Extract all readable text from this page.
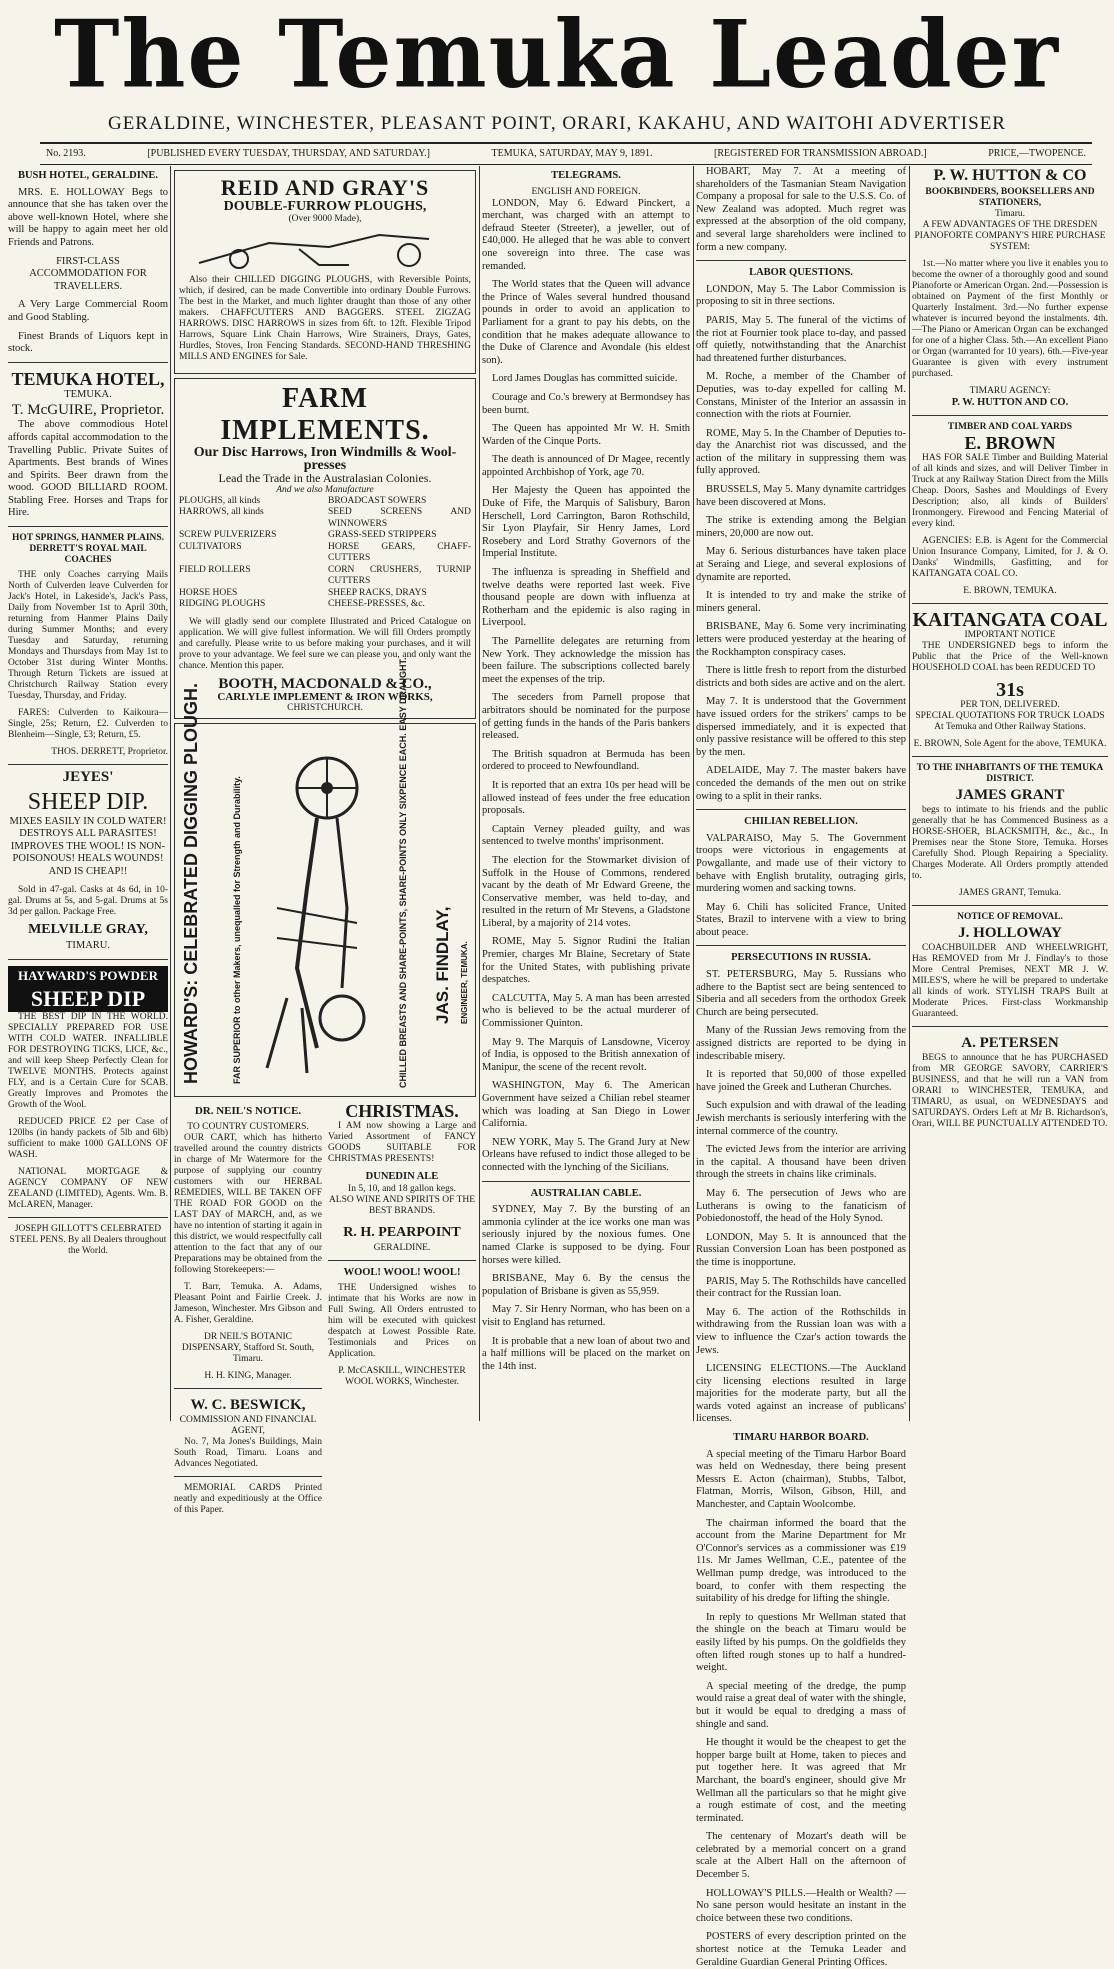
The Temuka Leader
GERALDINE, WINCHESTER, PLEASANT POINT, ORARI, KAKAHU, AND WAITOHI ADVERTISER
No. 2193.	[PUBLISHED EVERY TUESDAY, THURSDAY, AND SATURDAY.]	TEMUKA, SATURDAY, MAY 9, 1891.	[REGISTERED FOR TRANSMISSION ABROAD.]	PRICE,—TWOPENCE.
BUSH HOTEL, GERALDINE.

MRS. E. HOLLOWAY Begs to announce that she has taken over the above well-known Hotel, where she will be happy to again meet her old Friends and Patrons.

FIRST-CLASS ACCOMMODATION FOR TRAVELLERS.

A Very Large Commercial Room and Good Stabling.

Finest Brands of Liquors kept in stock.

TEMUKA HOTEL,
TEMUKA.
T. McGUIRE, Proprietor.

The above commodious Hotel affords capital accommodation to the Travelling Public. Private Suites of Apartments. Best brands of Wines and Spirits. Beer drawn from the wood. GOOD BILLIARD ROOM. Stabling Free. Horses and Traps for Hire.

HOT SPRINGS, HANMER PLAINS. DERRETT'S ROYAL MAIL COACHES

THE only Coaches carrying Mails North of Culverden leave Culverden for Jack's Hotel, in Lakeside's, Jack's Pass, Daily from November 1st to April 30th, returning from Hanmer Plains Daily during Summer Months; and every Tuesday and Saturday, returning Mondays and Thursdays from May 1st to October 31st during Winter Months. Through Return Tickets are issued at Christchurch Railway Station every Tuesday, Thursday, and Friday.

FARES: Culverden to Kaikoura—Single, 25s; Return, £2. Culverden to Blenheim—Single, £3; Return, £5.

THOS. DERRETT, Proprietor.

JEYES'
SHEEP DIP.

MIXES EASILY IN COLD WATER! DESTROYS ALL PARASITES! IMPROVES THE WOOL! IS NON-POISONOUS! HEALS WOUNDS! AND IS CHEAP!!

Sold in 47-gal. Casks at 4s 6d, in 10-gal. Drums at 5s, and 5-gal. Drums at 5s 3d per gallon. Package Free.

MELVILLE GRAY,
TIMARU.
HAYWARD'S POWDER
SHEEP DIP

THE BEST DIP IN THE WORLD. SPECIALLY PREPARED FOR USE WITH COLD WATER. INFALLIBLE FOR DESTROYING TICKS, LICE, &c., and will keep Sheep Perfectly Clean for TWELVE MONTHS. Protects against FLY, and is a Certain Cure for SCAB. Greatly Improves and Promotes the Growth of the Wool.

REDUCED PRICE £2 per Case of 120lbs (in handy packets of 5lb and 6lb) sufficient to make 1000 GALLONS OF WASH.

NATIONAL MORTGAGE & AGENCY COMPANY OF NEW ZEALAND (LIMITED), Agents. Wm. B. McLAREN, Manager.

JOSEPH GILLOTT'S CELEBRATED STEEL PENS. By all Dealers throughout the World.

REID AND GRAY'S
DOUBLE-FURROW PLOUGHS,
(Over 9000 Made),

Also their CHILLED DIGGING PLOUGHS, with Reversible Points, which, if desired, can be made Convertible into ordinary Double Furrows. The best in the Market, and much lighter draught than those of any other makers. CHAFFCUTTERS AND BAGGERS. STEEL ZIGZAG HARROWS. DISC HARROWS in sizes from 6ft. to 12ft. Flexible Tripod Harrows, Square Link Chain Harrows, Wire Strainers, Drays, Gates, Hurdles, Stoves, Iron Fencing Standards. SECOND-HAND THRESHING MILLS AND ENGINES for Sale.

FARM IMPLEMENTS.
Our Disc Harrows, Iron Windmills & Wool-presses
Lead the Trade in the Australasian Colonies.
And we also Manufacture
PLOUGHS, all kinds	BROADCAST SOWERS
HARROWS, all kinds	SEED SCREENS AND WINNOWERS
SCREW PULVERIZERS	GRASS-SEED STRIPPERS
CULTIVATORS	HORSE GEARS, CHAFF-CUTTERS
FIELD ROLLERS	CORN CRUSHERS, TURNIP CUTTERS
HORSE HOES	SHEEP RACKS, DRAYS
RIDGING PLOUGHS	CHEESE-PRESSES, &c.

We will gladly send our complete Illustrated and Priced Catalogue on application. We will give fullest information. We will fill Orders promptly and carefully. Please write to us before making your purchases, and it will prove to your advantage. We feel sure we can please you, and only want the chance. Mention this paper.

BOOTH, MACDONALD & CO.,
CARLYLE IMPLEMENT & IRON WORKS,
CHRISTCHURCH.
HOWARD'S: CELEBRATED DIGGING PLOUGH.	FAR SUPERIOR to other Makers, unequalled for Strength and Durability.	CHILLED BREASTS AND SHARE-POINTS, SHARE-POINTS ONLY SIXPENCE EACH. EASY DRAUGHT. JAS. FINDLAY, ENGINEER, TEMUKA.
DR. NEIL'S NOTICE.
TO COUNTRY CUSTOMERS.

OUR CART, which has hitherto travelled around the country districts in charge of Mr Watermore for the purpose of supplying our country customers with our HERBAL REMEDIES, WILL BE TAKEN OFF THE ROAD FOR GOOD on the LAST DAY of MARCH, and, as we have no intention of starting it again in this district, we would respectfully call attention to the fact that any of our Preparations may be obtained from the following Storekeepers:—

T. Barr, Temuka. A. Adams, Pleasant Point and Fairlie Creek. J. Jameson, Winchester. Mrs Gibson and A. Fisher, Geraldine.

DR NEIL'S BOTANIC DISPENSARY, Stafford St. South, Timaru.

H. H. KING, Manager.

W. C. BESWICK,
COMMISSION AND FINANCIAL AGENT,

No. 7, Ma Jones's Buildings, Main South Road, Timaru. Loans and Advances Negotiated.

MEMORIAL CARDS Printed neatly and expeditiously at the Office of this Paper.

CHRISTMAS.

I AM now showing a Large and Varied Assortment of FANCY GOODS SUITABLE FOR CHRISTMAS PRESENTS!

DUNEDIN ALE
In 5, 10, and 18 gallon kegs.

ALSO WINE AND SPIRITS OF THE BEST BRANDS.

R. H. PEARPOINT
GERALDINE.
WOOL! WOOL! WOOL!

THE Undersigned wishes to intimate that his Works are now in Full Swing. All Orders entrusted to him will be executed with quickest despatch at Lowest Possible Rate. Testimonials and Prices on Application.

P. McCASKILL, WINCHESTER WOOL WORKS, Winchester.

TELEGRAMS.
ENGLISH AND FOREIGN.

LONDON, May 6. Edward Pinckert, a merchant, was charged with an attempt to defraud Steeter (Streeter), a jeweller, out of £40,000. He alleged that he was able to convert one sovereign into three. The case was remanded.

The World states that the Queen will advance the Prince of Wales several hundred thousand pounds in order to avoid an application to Parliament for a grant to pay his debts, on the condition that he makes adequate allowance to the Duke of Clarence and Avondale (his eldest son).

Lord James Douglas has committed suicide.

Courage and Co.'s brewery at Bermondsey has been burnt.

The Queen has appointed Mr W. H. Smith Warden of the Cinque Ports.

The death is announced of Dr Magee, recently appointed Archbishop of York, age 70.

Her Majesty the Queen has appointed the Duke of Fife, the Marquis of Salisbury, Baron Herschell, Lord Carrington, Baron Rothschild, Sir Lyon Playfair, Sir Henry James, Lord Rosebery and Lord Strathy Governors of the Imperial Institute.

The influenza is spreading in Sheffield and twelve deaths were reported last week. Five thousand people are down with influenza at Rotherham and the epidemic is also raging in Liverpool.

The Parnellite delegates are returning from New York. They acknowledge the mission has been failure. The subscriptions collected barely meet the expenses of the trip.

The seceders from Parnell propose that arbitrators should be nominated for the purpose of getting funds in the hands of the Paris bankers released.

The British squadron at Bermuda has been ordered to proceed to Newfoundland.

It is reported that an extra 10s per head will be allowed instead of fees under the free education proposals.

Captain Verney pleaded guilty, and was sentenced to twelve months' imprisonment.

The election for the Stowmarket division of Suffolk in the House of Commons, rendered vacant by the death of Mr Edward Greene, the Conservative member, was held to-day, and resulted in the return of Mr Stevens, a Gladstone Liberal, by a majority of 214 votes.

ROME, May 5. Signor Rudini the Italian Premier, charges Mr Blaine, Secretary of State for the United States, with publishing private despatches.

CALCUTTA, May 5. A man has been arrested who is believed to be the actual murderer of Commissioner Quinton.

May 9. The Marquis of Lansdowne, Viceroy of India, is opposed to the British annexation of Manipur, the scene of the recent revolt.

WASHINGTON, May 6. The American Government have seized a Chilian rebel steamer which was loading at San Diego in Lower California.

NEW YORK, May 5. The Grand Jury at New Orleans have refused to indict those alleged to be connected with the lynching of the Sicilians.

AUSTRALIAN CABLE.

SYDNEY, May 7. By the bursting of an ammonia cylinder at the ice works one man was seriously injured by the noxious fumes. One named Clarke is supposed to be dying. Four horses were killed.

BRISBANE, May 6. By the census the population of Brisbane is given as 55,959.

May 7. Sir Henry Norman, who has been on a visit to England has returned.

It is probable that a new loan of about two and a half millions will be placed on the market on the 14th inst.

HOBART, May 7. At a meeting of shareholders of the Tasmanian Steam Navigation Company a proposal for sale to the U.S.S. Co. of New Zealand was adopted. Much regret was expressed at the absorption of the old company, and several large shareholders were inclined to form a new company.

LABOR QUESTIONS.

LONDON, May 5. The Labor Commission is proposing to sit in three sections.

PARIS, May 5. The funeral of the victims of the riot at Fournier took place to-day, and passed off quietly, notwithstanding that the Anarchist had threatened further disturbances.

M. Roche, a member of the Chamber of Deputies, was to-day expelled for calling M. Constans, Minister of the Interior an assassin in connection with the riots at Fournier.

ROME, May 5. In the Chamber of Deputies to-day the Anarchist riot was discussed, and the action of the military in suppressing them was fully approved.

BRUSSELS, May 5. Many dynamite cartridges have been discovered at Mons.

The strike is extending among the Belgian miners, 20,000 are now out.

May 6. Serious disturbances have taken place at Seraing and Liege, and several explosions of dynamite are reported.

It is intended to try and make the strike of miners general.

BRISBANE, May 6. Some very incriminating letters were produced yesterday at the hearing of the Rockhampton conspiracy cases.

There is little fresh to report from the disturbed districts and both sides are active and on the alert.

May 7. It is understood that the Government have issued orders for the strikers' camps to be dispersed immediately, and it is expected that only passive resistance will be offered to this step by the men.

ADELAIDE, May 7. The master bakers have conceded the demands of the men out on strike owing to a split in their ranks.

CHILIAN REBELLION.

VALPARAISO, May 5. The Government troops were victorious in engagements at Powgallante, and made use of their victory to behave with English brutality, outraging girls, murdering women and sacking towns.

May 6. Chili has solicited France, United States, Brazil to intervene with a view to bring about peace.

PERSECUTIONS IN RUSSIA.

ST. PETERSBURG, May 5. Russians who adhere to the Baptist sect are being sentenced to Siberia and all seceders from the orthodox Greek Church are being persecuted.

Many of the Russian Jews removing from the assigned districts are reported to be dying in indescribable misery.

It is reported that 50,000 of those expelled have joined the Greek and Lutheran Churches.

Such expulsion and with drawal of the leading Jewish merchants is seriously interfering with the internal commerce of the country.

The evicted Jews from the interior are arriving in the capital. A thousand have been driven through the streets in chains like criminals.

May 6. The persecution of Jews who are Lutherans is owing to the fanaticism of Pobiedonostoff, the head of the Holy Synod.

LONDON, May 5. It is announced that the Russian Conversion Loan has been postponed as the time is inopportune.

PARIS, May 5. The Rothschilds have cancelled their contract for the Russian loan.

May 6. The action of the Rothschilds in withdrawing from the Russian loan was with a view to influence the Czar's action towards the Jews.

LICENSING ELECTIONS.—The Auckland city licensing elections resulted in large majorities for the moderate party, but all the wards voted against an increase of publicans' licenses.

TIMARU HARBOR BOARD.

A special meeting of the Timaru Harbor Board was held on Wednesday, there being present Messrs E. Acton (chairman), Stubbs, Talbot, Flatman, Morris, Wilson, Gibson, Hill, and Manchester, and Captain Woolcombe.

The chairman informed the board that the account from the Marine Department for Mr O'Connor's services as a commissioner was £19 11s. Mr James Wellman, C.E., patentee of the Wellman pump dredge, was introduced to the board, to confer with them respecting the suitability of his dredge for lifting the shingle.

In reply to questions Mr Wellman stated that the shingle on the beach at Timaru would be easily lifted by his pumps. On the goldfields they often lifted rough stones up to half a hundred-weight.

A special meeting of the dredge, the pump would raise a great deal of water with the shingle, but it would be equal to dredging a mass of shingle and sand.

He thought it would be the cheapest to get the hopper barge built at Home, taken to pieces and put together here. It was agreed that Mr Marchant, the board's engineer, should give Mr Wellman all the particulars so that he might give a rough estimate of cost, and the meeting terminated.

The centenary of Mozart's death will be celebrated by a memorial concert on a grand scale at the Albert Hall on the afternoon of December 5.

HOLLOWAY'S PILLS.—Health or Wealth? —No sane person would hesitate an instant in the choice between these two conditions.

POSTERS of every description printed on the shortest notice at the Temuka Leader and Geraldine Guardian General Printing Offices.

P. W. HUTTON & CO
BOOKBINDERS, BOOKSELLERS AND STATIONERS,
Timaru.

A FEW ADVANTAGES OF THE DRESDEN PIANOFORTE COMPANY'S HIRE PURCHASE SYSTEM:

1st.—No matter where you live it enables you to become the owner of a thoroughly good and sound Pianoforte or American Organ. 2nd.—Possession is obtained on Payment of the first Monthly or Quarterly Instalment. 3rd.—No further expense whatever is incurred beyond the instalments. 4th.—The Piano or American Organ can be exchanged for one of a higher Class. 5th.—An excellent Piano or Organ (warranted for 10 years). 6th.—Five-year Guarantee is given with every instrument purchased.

TIMARU AGENCY:
P. W. HUTTON AND CO.
TIMBER AND COAL YARDS
E. BROWN

HAS FOR SALE Timber and Building Material of all kinds and sizes, and will Deliver Timber in Truck at any Railway Station Direct from the Mills Cheap. Doors, Sashes and Mouldings of Every Description; also, all kinds of Builders' Ironmongery. Firewood and Fencing Material of every kind.

AGENCIES: E.B. is Agent for the Commercial Union Insurance Company, Limited, for J. & O. Danks' Windmills, Gasfitting, and for KAITANGATA COAL CO.

E. BROWN, TEMUKA.
KAITANGATA COAL
IMPORTANT NOTICE

THE UNDERSIGNED begs to inform the Public that the Price of the Well-known HOUSEHOLD COAL has been REDUCED TO

31s
PER TON, DELIVERED.

SPECIAL QUOTATIONS FOR TRUCK LOADS At Temuka and Other Railway Stations.

E. BROWN, Sole Agent for the above, TEMUKA.

TO THE INHABITANTS OF THE TEMUKA DISTRICT.
JAMES GRANT

begs to intimate to his friends and the public generally that he has Commenced Business as a HORSE-SHOER, BLACKSMITH, &c., &c., In Premises near the Stone Store, Temuka. Horses Carefully Shod. Plough Repairing a Speciality. Charges Moderate. All Orders promptly attended to.

JAMES GRANT, Temuka.
NOTICE OF REMOVAL.
J. HOLLOWAY

COACHBUILDER AND WHEELWRIGHT, Has REMOVED from Mr J. Findlay's to those More Central Premises, NEXT MR J. W. MILES'S, where he will be prepared to undertake all kinds of work. STYLISH TRAPS Built at Moderate Prices. First-class Workmanship Guaranteed.

A. PETERSEN

BEGS to announce that he has PURCHASED from MR GEORGE SAVORY, CARRIER'S BUSINESS, and that he will run a VAN from ORARI to WINCHESTER, TEMUKA, and TIMARU, as usual, on WEDNESDAYS and SATURDAYS. Orders Left at Mr B. Richardson's, Orari, WILL BE PUNCTUALLY ATTENDED TO.
